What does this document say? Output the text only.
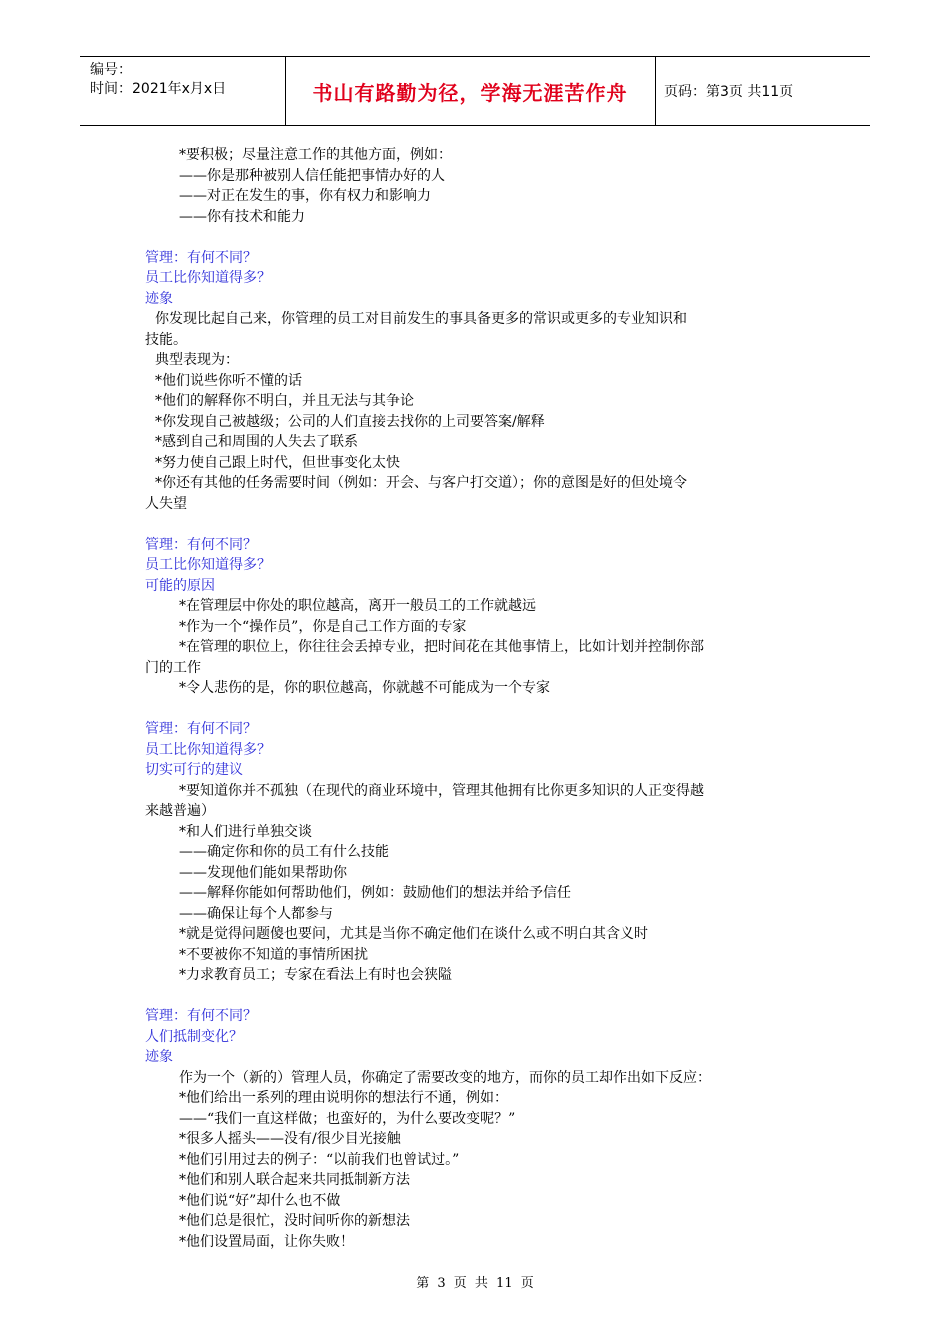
编号：
时间：2021年x月x日	书山有路勤为径，学海无涯苦作舟	页码：第3页 共11页
*要积极；尽量注意工作的其他方面，例如：
——你是那种被别人信任能把事情办好的人
——对正在发生的事，你有权力和影响力
——你有技术和能力
管理：有何不同？
员工比你知道得多？
迹象
你发现比起自己来，你管理的员工对目前发生的事具备更多的常识或更多的专业知识和
技能。
典型表现为：
*他们说些你听不懂的话
*他们的解释你不明白，并且无法与其争论
*你发现自己被越级；公司的人们直接去找你的上司要答案/解释
*感到自己和周围的人失去了联系
*努力使自己跟上时代，但世事变化太快
*你还有其他的任务需要时间（例如：开会、与客户打交道）；你的意图是好的但处境令
人失望
管理：有何不同？
员工比你知道得多？
可能的原因
*在管理层中你处的职位越高，离开一般员工的工作就越远
*作为一个“操作员”，你是自己工作方面的专家
*在管理的职位上，你往往会丢掉专业，把时间花在其他事情上，比如计划并控制你部
门的工作
*令人悲伤的是，你的职位越高，你就越不可能成为一个专家
管理：有何不同？
员工比你知道得多？
切实可行的建议
*要知道你并不孤独（在现代的商业环境中，管理其他拥有比你更多知识的人正变得越
来越普遍）
*和人们进行单独交谈
——确定你和你的员工有什么技能
——发现他们能如果帮助你
——解释你能如何帮助他们，例如：鼓励他们的想法并给予信任
——确保让每个人都参与
*就是觉得问题傻也要问，尤其是当你不确定他们在谈什么或不明白其含义时
*不要被你不知道的事情所困扰
*力求教育员工；专家在看法上有时也会狭隘
管理：有何不同？
人们抵制变化？
迹象
作为一个（新的）管理人员，你确定了需要改变的地方，而你的员工却作出如下反应：
*他们给出一系列的理由说明你的想法行不通，例如：
——“我们一直这样做；也蛮好的，为什么要改变呢？”
*很多人摇头——没有/很少目光接触
*他们引用过去的例子：“以前我们也曾试过。”
*他们和别人联合起来共同抵制新方法
*他们说“好”却什么也不做
*他们总是很忙，没时间听你的新想法
*他们设置局面，让你失败！
第 3 页 共 11 页
